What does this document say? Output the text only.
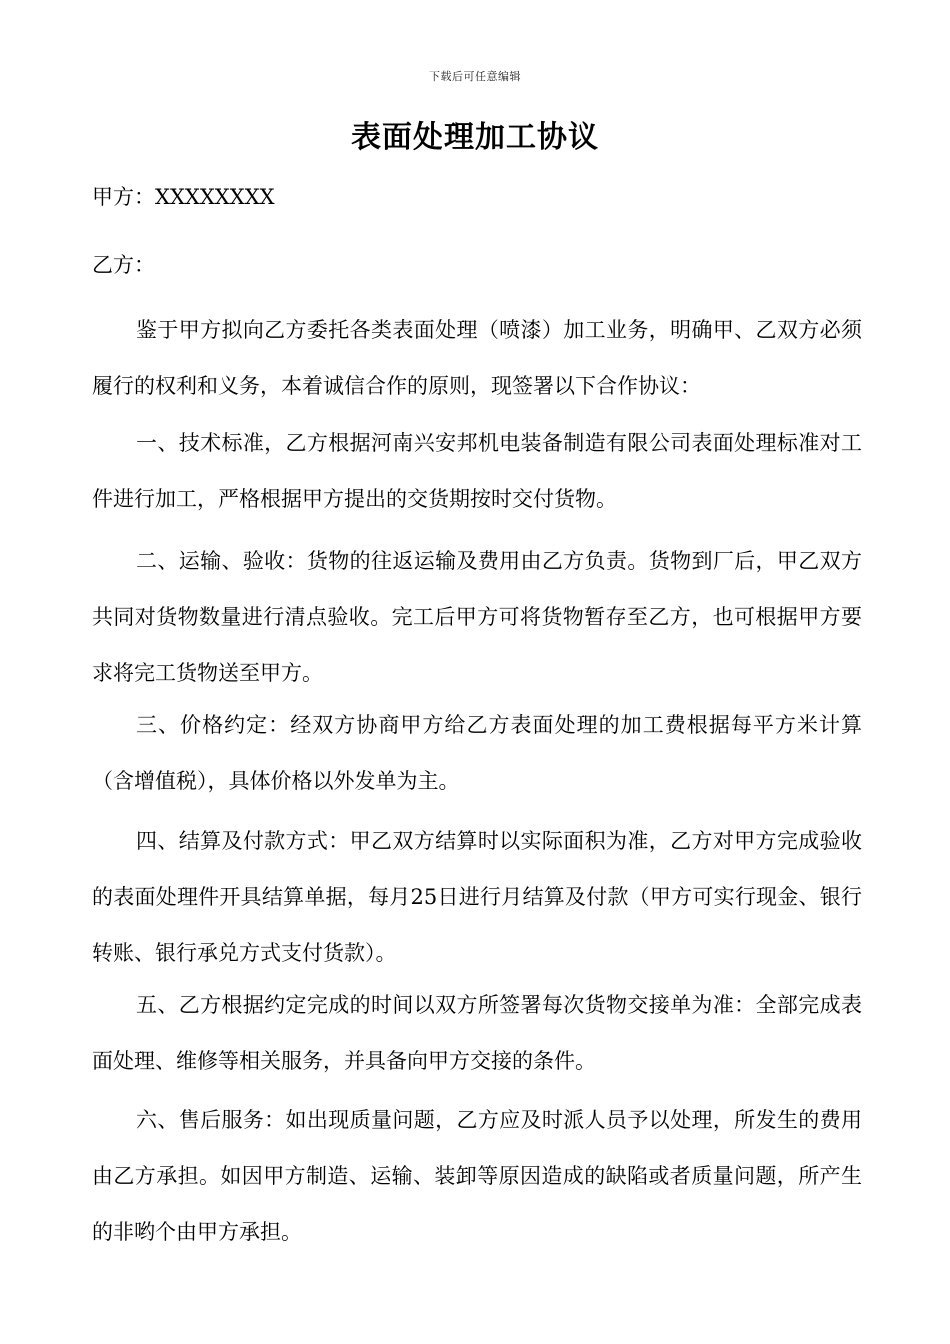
下载后可任意编辑
表面处理加工协议
甲方：XXXXXXXX
乙方：
鉴于甲方拟向乙方委托各类表面处理（喷漆）加工业务，明确甲、乙双方必须履行的权利和义务，本着诚信合作的原则，现签署以下合作协议：
一、技术标准，乙方根据河南兴安邦机电装备制造有限公司表面处理标准对工件进行加工，严格根据甲方提出的交货期按时交付货物。
二、运输、验收：货物的往返运输及费用由乙方负责。货物到厂后，甲乙双方共同对货物数量进行清点验收。完工后甲方可将货物暂存至乙方，也可根据甲方要求将完工货物送至甲方。
三、价格约定：经双方协商甲方给乙方表面处理的加工费根据每平方米计算（含增值税），具体价格以外发单为主。
四、结算及付款方式：甲乙双方结算时以实际面积为准，乙方对甲方完成验收的表面处理件开具结算单据，每月25日进行月结算及付款（甲方可实行现金、银行转账、银行承兑方式支付货款）。
五、乙方根据约定完成的时间以双方所签署每次货物交接单为准：全部完成表面处理、维修等相关服务，并具备向甲方交接的条件。
六、售后服务：如出现质量问题，乙方应及时派人员予以处理，所发生的费用由乙方承担。如因甲方制造、运输、装卸等原因造成的缺陷或者质量问题，所产生的非哟个由甲方承担。
